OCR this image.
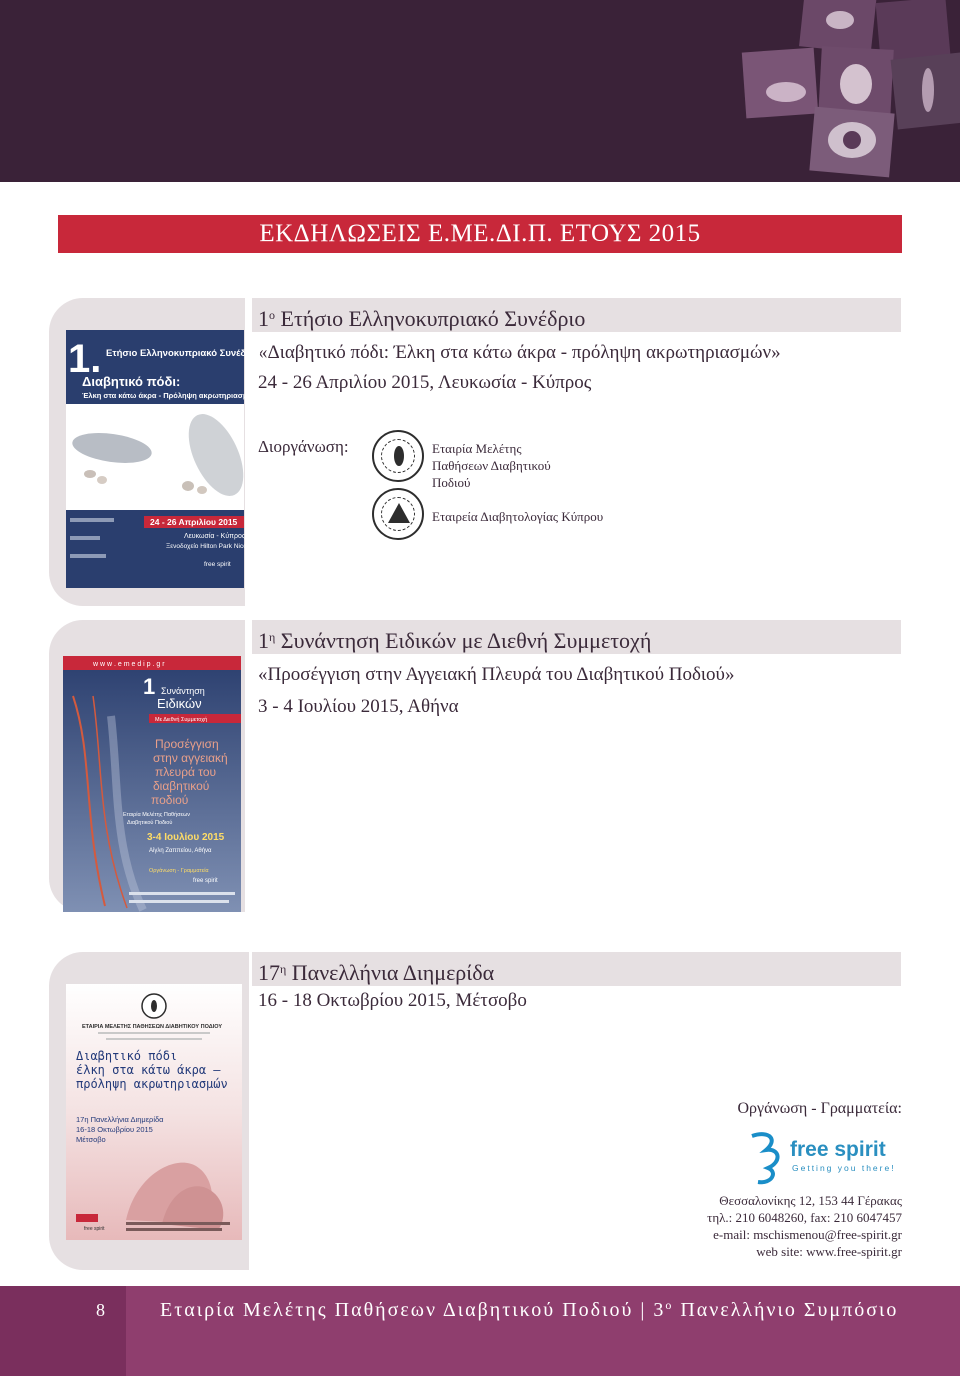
ΕΚΔΗΛΩΣΕΙΣ Ε.ΜΕ.ΔΙ.Π. ΕΤΟΥΣ 2015
$1^o$ Ετήσιο Ελληνοκυπριακό Συνέδριο
«Διαβητικό πόδι: Έλκη στα κάτω άκρα - πρόληψη ακρωτηριασμών»
24 - 26 Απριλίου 2015, Λευκωσία - Κύπρος
Διοργάνωση:	Εταιρία Μελέτης Παθήσεων Διαβητικού Ποδιού
Εταιρεία Διαβητολογίας Κύπρου
1. Ετήσιο Ελληνοκυπριακό Συνέδριο
Διαβητικό πόδι:
Έλκη στα κάτω άκρα - Πρόληψη ακρωτηριασμών
24 - 26 Απριλίου 2015
Λευκωσία - Κύπρος
Ξενοδοχείο Hilton Park Nicosia
free spirit
$1^\eta$ Συνάντηση Ειδικών με Διεθνή Συμμετοχή
«Προσέγγιση στην Αγγειακή Πλευρά του Διαβητικού Ποδιού»
3 - 4 Ιουλίου 2015, Αθήνα
w w w . e m e d i p . g r
1 Συνάντηση
Ειδικών
Με Διεθνή Συμμετοχή
Προσέγγιση
στην αγγειακή
πλευρά του
διαβητικού
ποδιού
Εταιρία Μελέτης Παθήσεων
Διαβητικού Ποδιού
3-4 Ιουλίου 2015
Αίγλη Ζαππείου, Αθήνα
Οργάνωση - Γραμματεία
free spirit
$17^\eta$ Πανελλήνια Διημερίδα
16 - 18 Οκτωβρίου 2015, Μέτσοβο
ΕΤΑΙΡΙΑ ΜΕΛΕΤΗΣ ΠΑΘΗΣΕΩΝ ΔΙΑΒΗΤΙΚΟΥ ΠΟΔΙΟΥ
Διαβητικό πόδι
έλκη στα κάτω άκρα –
πρόληψη ακρωτηριασμών
17η Πανελλήνια Διημερίδα
16-18 Οκτωβρίου 2015
Μέτσοβο
free spirit
Οργάνωση - Γραμματεία:
free spirit
Getting you there!
Θεσσαλονίκης 12, 153 44 Γέρακας
τηλ.: 210 6048260, fax: 210 6047457
e-mail: mschismenou@free-spirit.gr
web site: www.free-spirit.gr
8	Εταιρία Μελέτης Παθήσεων Διαβητικού Ποδιού | $3^o$ Πανελλήνιο Συμπόσιο
